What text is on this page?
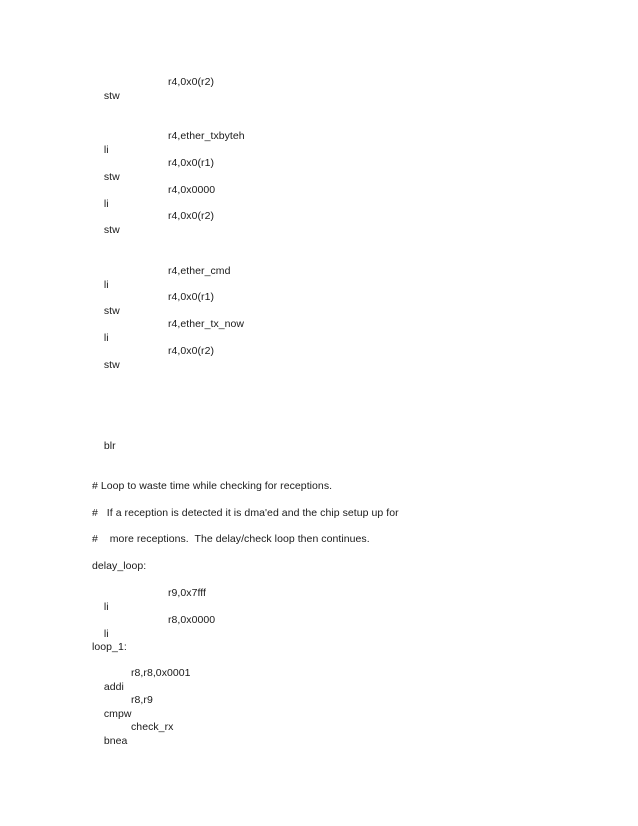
stw

r4,0x0(r2)

li

r4,ether_txbyteh

stw

r4,0x0(r1)

li

r4,0x0000

stw

r4,0x0(r2)

li

r4,ether_cmd

stw

r4,0x0(r1)

li

r4,ether_tx_now

stw

r4,0x0(r2)

blr

# Loop to waste time while checking for receptions.
#   If a reception is detected it is dma'ed and the chip setup up for
#    more receptions.  The delay/check loop then continues.
delay_loop:

li

r9,0x7fff

li

r8,0x0000

loop_1:

addi

r8,r8,0x0001

cmpw

r8,r9

bnea

check_rx
